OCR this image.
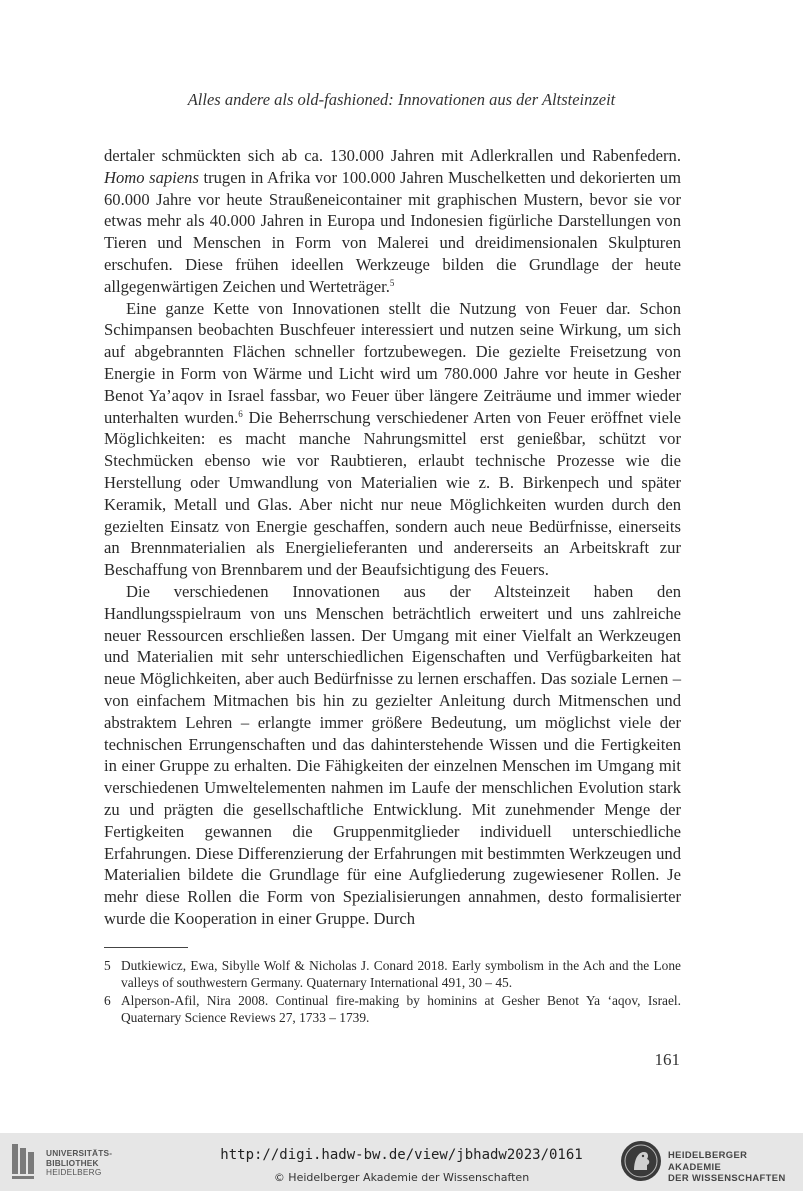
Alles andere als old-fashioned: Innovationen aus der Altsteinzeit

dertaler schmückten sich ab ca. 130.000 Jahren mit Adlerkrallen und Rabenfedern. Homo sapiens trugen in Afrika vor 100.000 Jahren Muschelketten und dekorierten um 60.000 Jahre vor heute Straußeneicontainer mit graphischen Mustern, bevor sie vor etwas mehr als 40.000 Jahren in Europa und Indonesien figürliche Darstellungen von Tieren und Menschen in Form von Malerei und dreidimensionalen Skulpturen erschufen. Diese frühen ideellen Werkzeuge bilden die Grundlage der heute allgegenwärtigen Zeichen und Werteträger.$^5$

Eine ganze Kette von Innovationen stellt die Nutzung von Feuer dar. Schon Schimpansen beobachten Buschfeuer interessiert und nutzen seine Wirkung, um sich auf abgebrannten Flächen schneller fortzubewegen. Die gezielte Freisetzung von Energie in Form von Wärme und Licht wird um 780.000 Jahre vor heute in Gesher Benot Ya’aqov in Israel fassbar, wo Feuer über längere Zeiträume und immer wieder unterhalten wurden.$^6$ Die Beherrschung verschiedener Arten von Feuer eröffnet viele Möglichkeiten: es macht manche Nahrungsmittel erst genießbar, schützt vor Stechmücken ebenso wie vor Raubtieren, erlaubt technische Prozesse wie die Herstellung oder Umwandlung von Materialien wie z. B. Birkenpech und später Keramik, Metall und Glas. Aber nicht nur neue Möglichkeiten wurden durch den gezielten Einsatz von Energie geschaffen, sondern auch neue Bedürfnisse, einerseits an Brennmaterialien als Energielieferanten und andererseits an Arbeitskraft zur Beschaffung von Brennbarem und der Beaufsichtigung des Feuers.

Die verschiedenen Innovationen aus der Altsteinzeit haben den Handlungsspielraum von uns Menschen beträchtlich erweitert und uns zahlreiche neuer Ressourcen erschließen lassen. Der Umgang mit einer Vielfalt an Werkzeugen und Materialien mit sehr unterschiedlichen Eigenschaften und Verfügbarkeiten hat neue Möglichkeiten, aber auch Bedürfnisse zu lernen erschaffen. Das soziale Lernen – von einfachem Mitmachen bis hin zu gezielter Anleitung durch Mitmenschen und abstraktem Lehren – erlangte immer größere Bedeutung, um möglichst viele der technischen Errungenschaften und das dahinterstehende Wissen und die Fertigkeiten in einer Gruppe zu erhalten. Die Fähigkeiten der einzelnen Menschen im Umgang mit verschiedenen Umweltelementen nahmen im Laufe der menschlichen Evolution stark zu und prägten die gesellschaftliche Entwicklung. Mit zunehmender Menge der Fertigkeiten gewannen die Gruppenmitglieder individuell unterschiedliche Erfahrungen. Diese Differenzierung der Erfahrungen mit bestimmten Werkzeugen und Materialien bildete die Grundlage für eine Aufgliederung zugewiesener Rollen. Je mehr diese Rollen die Form von Spezialisierungen annahmen, desto formalisierter wurde die Kooperation in einer Gruppe. Durch

5 Dutkiewicz, Ewa, Sibylle Wolf & Nicholas J. Conard 2018. Early symbolism in the Ach and the Lone valleys of southwestern Germany. Quaternary International 491, 30 – 45.
6 Alperson-Afil, Nira 2008. Continual fire-making by hominins at Gesher Benot Ya ‘aqov, Israel. Quaternary Science Reviews 27, 1733 – 1739.
161
UNIVERSITÄTS-
BIBLIOTHEK
HEIDELBERG
http://digi.hadw-bw.de/view/jbhadw2023/0161
© Heidelberger Akademie der Wissenschaften
HEIDELBERGER AKADEMIE
DER WISSENSCHAFTEN
